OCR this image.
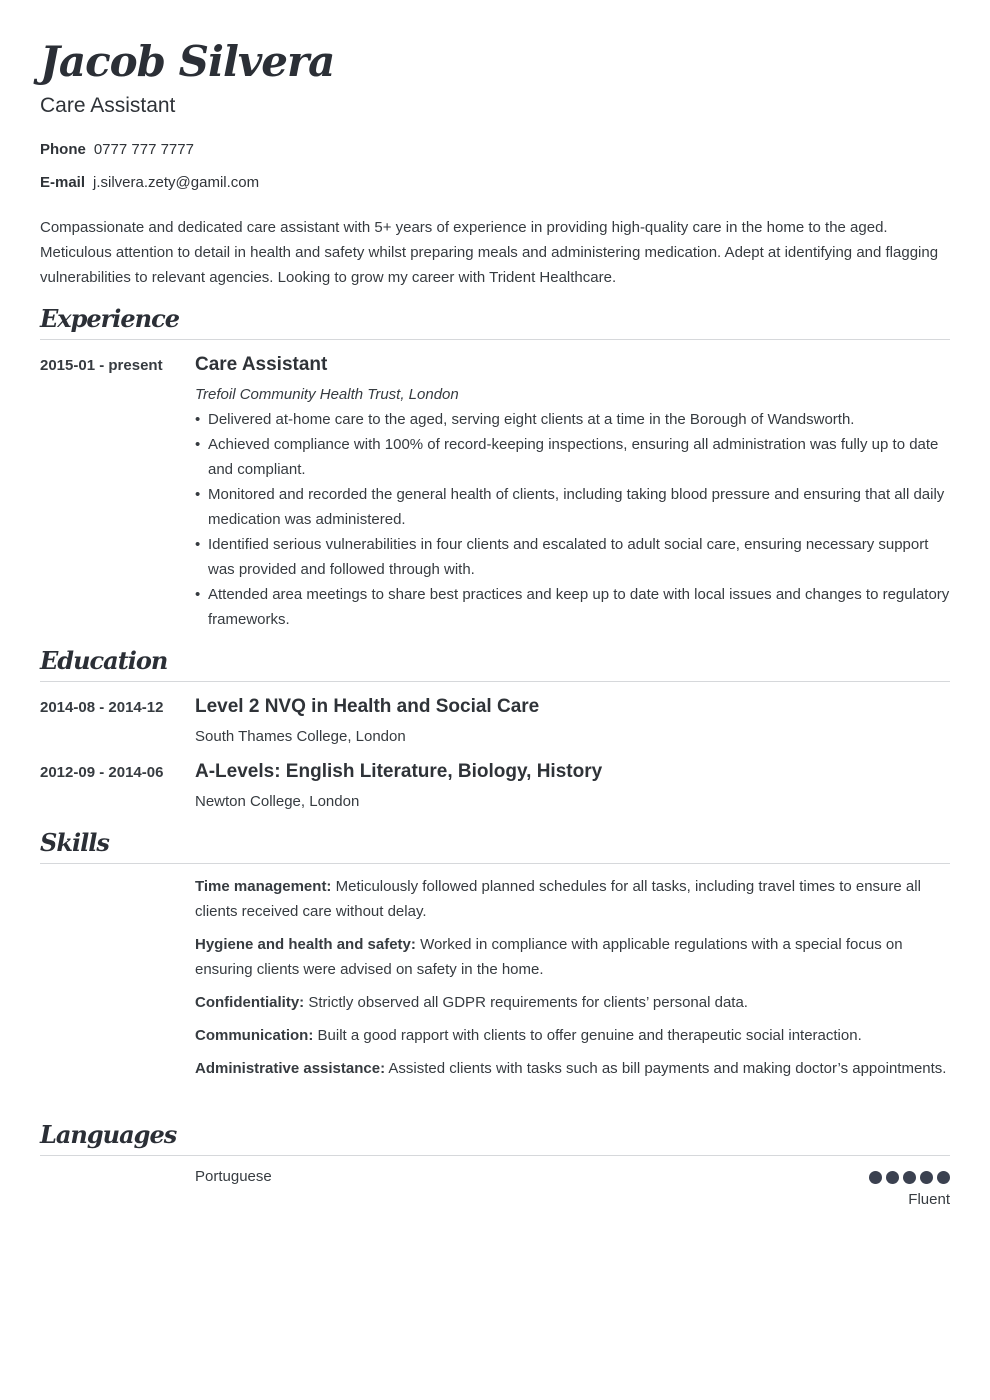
Jacob Silvera
Care Assistant
Phone 0777 777 7777
E-mail j.silvera.zety@gamil.com
Compassionate and dedicated care assistant with 5+ years of experience in providing high-quality care in the home to the aged. Meticulous attention to detail in health and safety whilst preparing meals and administering medication. Adept at identifying and flagging vulnerabilities to relevant agencies. Looking to grow my career with Trident Healthcare.
Experience
2015-01 - present Care Assistant
Trefoil Community Health Trust, London
• Delivered at-home care to the aged, serving eight clients at a time in the Borough of Wandsworth.
• Achieved compliance with 100% of record-keeping inspections, ensuring all administration was fully up to date and compliant.
• Monitored and recorded the general health of clients, including taking blood pressure and ensuring that all daily medication was administered.
• Identified serious vulnerabilities in four clients and escalated to adult social care, ensuring necessary support was provided and followed through with.
• Attended area meetings to share best practices and keep up to date with local issues and changes to regulatory frameworks.
Education
2014-08 - 2014-12 Level 2 NVQ in Health and Social Care
South Thames College, London
2012-09 - 2014-06 A-Levels: English Literature, Biology, History
Newton College, London
Skills

Time management: Meticulously followed planned schedules for all tasks, including travel times to ensure all clients received care without delay.

Hygiene and health and safety: Worked in compliance with applicable regulations with a special focus on ensuring clients were advised on safety in the home.

Confidentiality: Strictly observed all GDPR requirements for clients’ personal data.

Communication: Built a good rapport with clients to offer genuine and therapeutic social interaction.

Administrative assistance: Assisted clients with tasks such as bill payments and making doctor’s appointments.

Languages
Portuguese
Fluent
